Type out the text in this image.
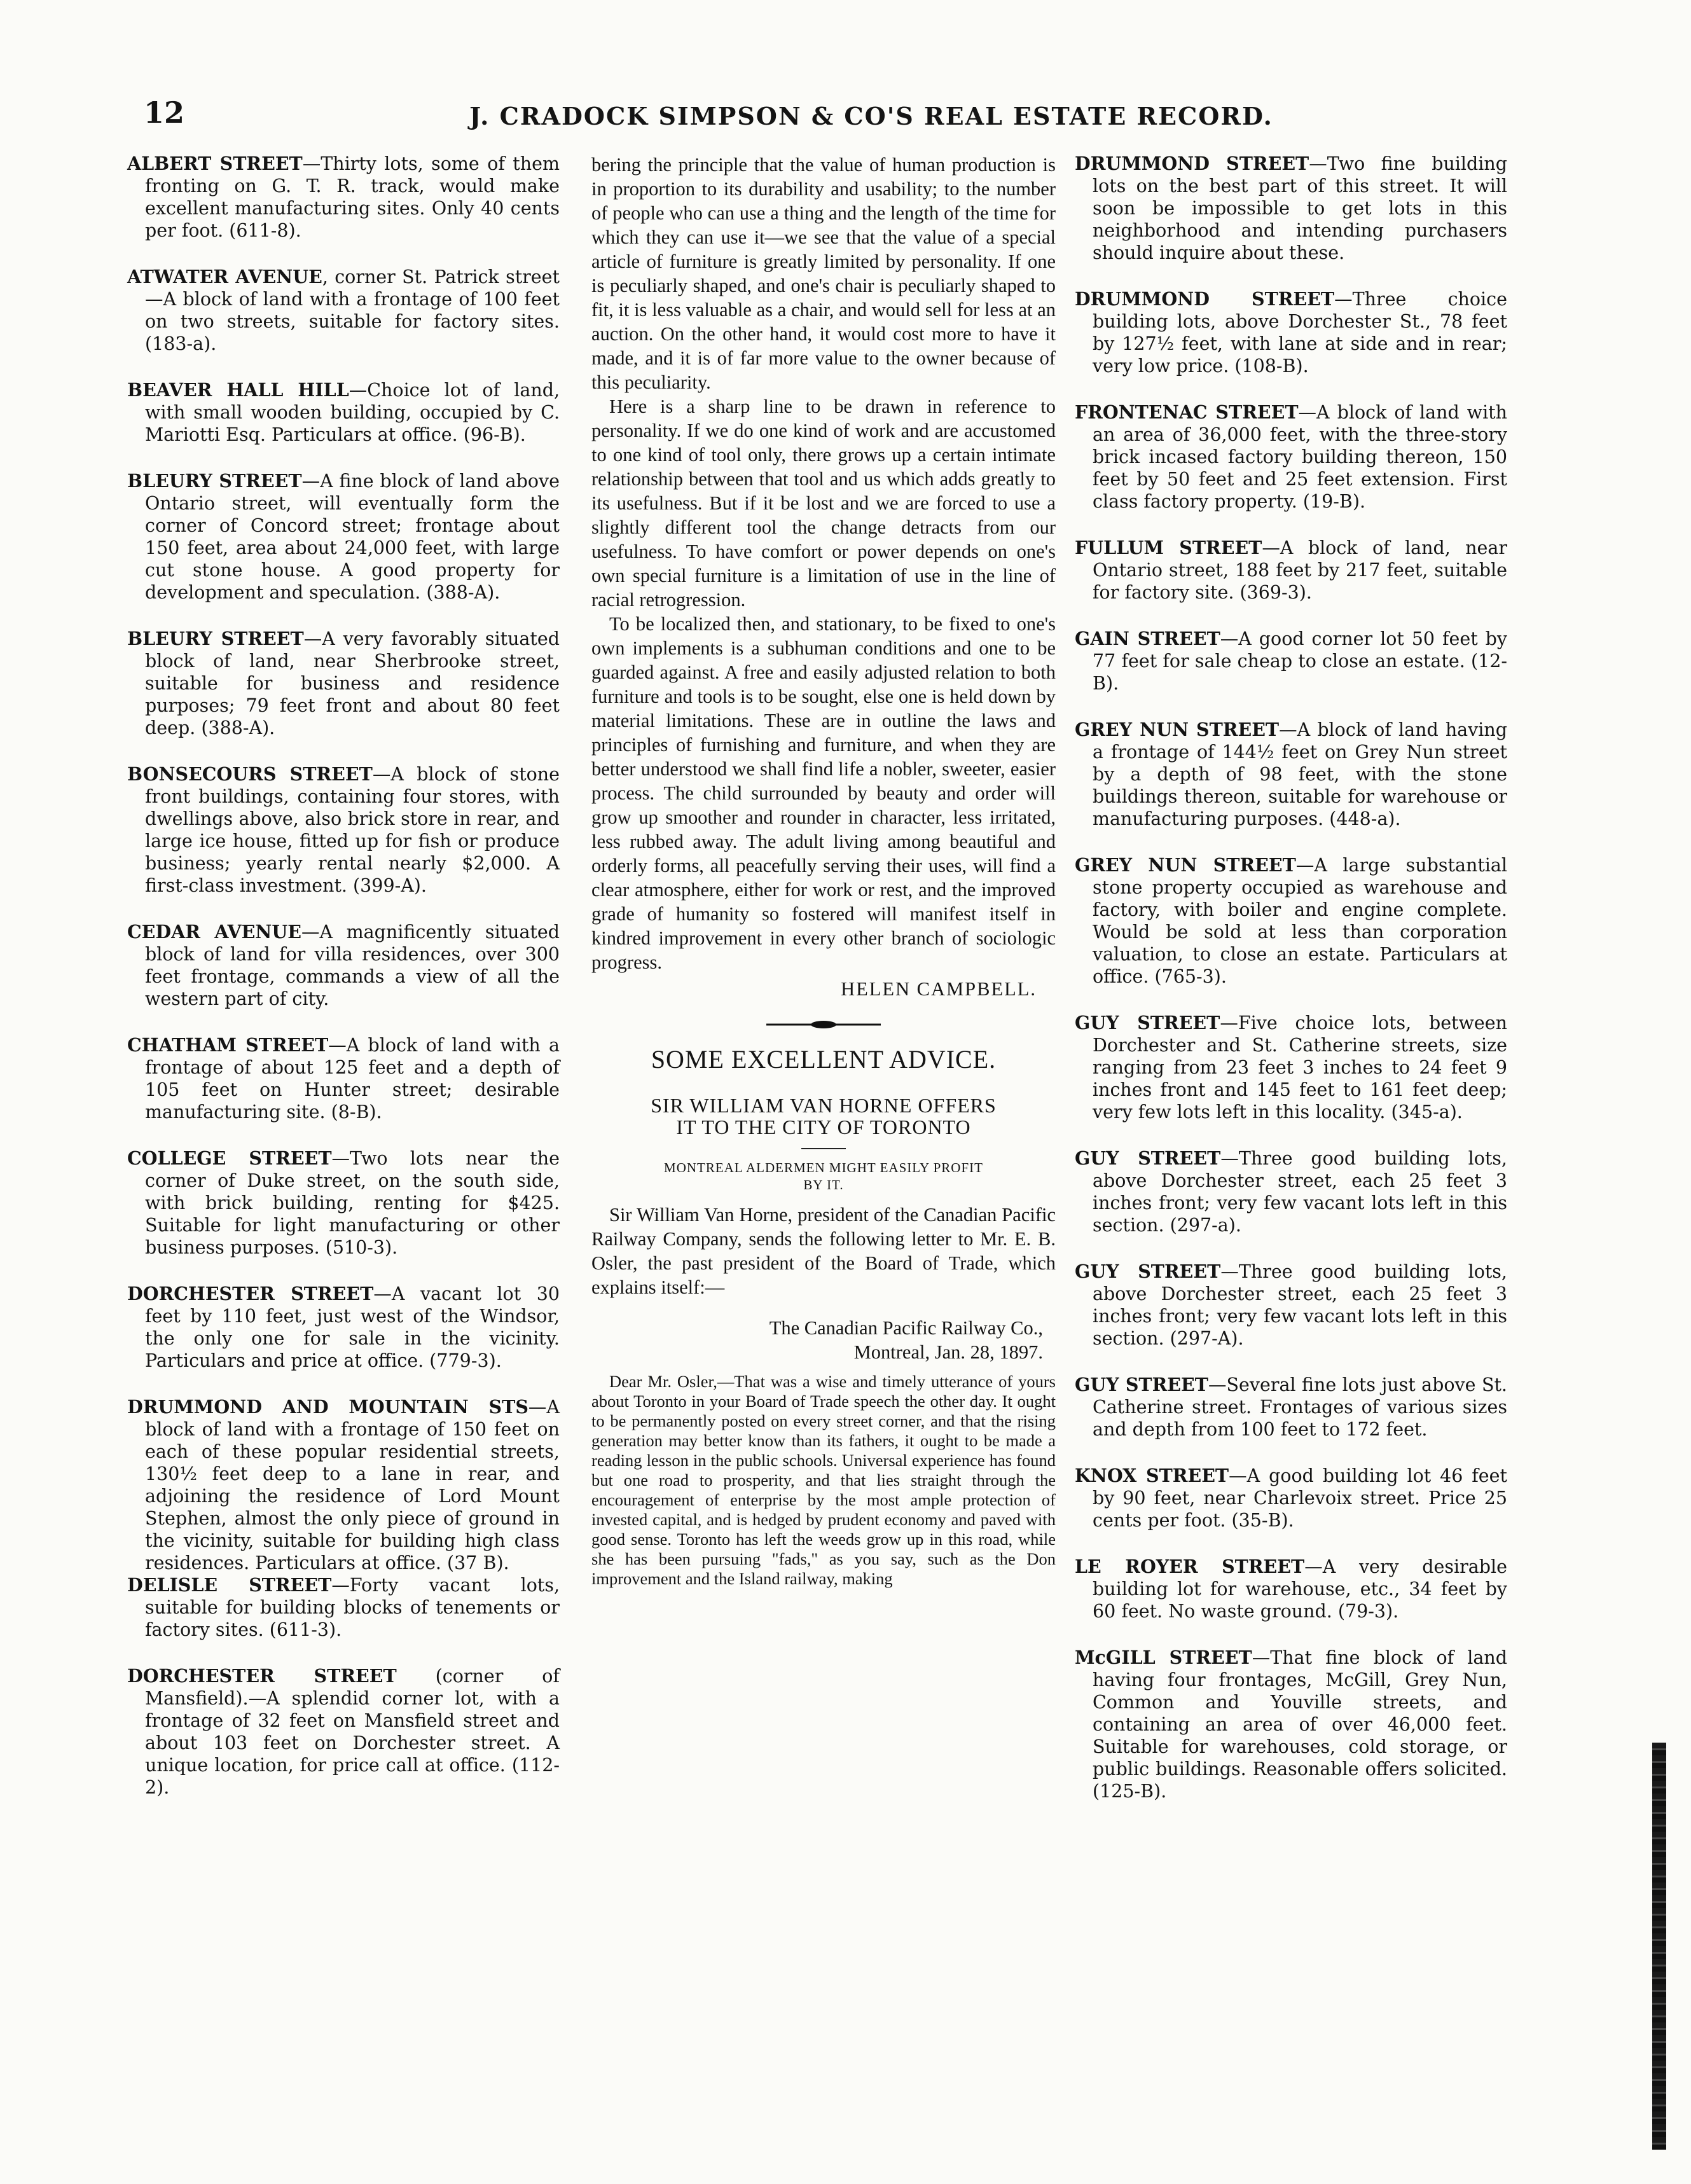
12	J. CRADOCK SIMPSON & CO'S REAL ESTATE RECORD.

ALBERT STREET—Thirty lots, some of them fronting on G. T. R. track, would make excellent manufacturing sites. Only 40 cents per foot. (611-8).

ATWATER AVENUE, corner St. Patrick street—A block of land with a frontage of 100 feet on two streets, suitable for factory sites. (183-a).

BEAVER HALL HILL—Choice lot of land, with small wooden building, occupied by C. Mariotti Esq. Particulars at office. (96-B).

BLEURY STREET—A fine block of land above Ontario street, will eventually form the corner of Concord street; frontage about 150 feet, area about 24,000 feet, with large cut stone house. A good property for development and speculation. (388-A).

BLEURY STREET—A very favorably situated block of land, near Sherbrooke street, suitable for business and residence purposes; 79 feet front and about 80 feet deep. (388-A).

BONSECOURS STREET—A block of stone front buildings, containing four stores, with dwellings above, also brick store in rear, and large ice house, fitted up for fish or produce business; yearly rental nearly $2,000. A first-class investment. (399-A).

CEDAR AVENUE—A magnificently situated block of land for villa residences, over 300 feet frontage, commands a view of all the western part of city.

CHATHAM STREET—A block of land with a frontage of about 125 feet and a depth of 105 feet on Hunter street; desirable manufacturing site. (8-B).

COLLEGE STREET—Two lots near the corner of Duke street, on the south side, with brick building, renting for $425. Suitable for light manufacturing or other business purposes. (510-3).

DORCHESTER STREET—A vacant lot 30 feet by 110 feet, just west of the Windsor, the only one for sale in the vicinity. Particulars and price at office. (779-3).

DRUMMOND AND MOUNTAIN STS—A block of land with a frontage of 150 feet on each of these popular residential streets, 130½ feet deep to a lane in rear, and adjoining the residence of Lord Mount Stephen, almost the only piece of ground in the vicinity, suitable for building high class residences. Particulars at office. (37 B).

DELISLE STREET—Forty vacant lots, suitable for building blocks of tenements or factory sites. (611-3).

DORCHESTER STREET (corner of Mansfield).—A splendid corner lot, with a frontage of 32 feet on Mansfield street and about 103 feet on Dorchester street. A unique location, for price call at office. (112-2).

bering the principle that the value of human production is in proportion to its durability and usability; to the number of people who can use a thing and the length of the time for which they can use it—we see that the value of a special article of furniture is greatly limited by personality. If one is peculiarly shaped, and one's chair is peculiarly shaped to fit, it is less valuable as a chair, and would sell for less at an auction. On the other hand, it would cost more to have it made, and it is of far more value to the owner because of this peculiarity.

Here is a sharp line to be drawn in reference to personality. If we do one kind of work and are accustomed to one kind of tool only, there grows up a certain intimate relationship between that tool and us which adds greatly to its usefulness. But if it be lost and we are forced to use a slightly different tool the change detracts from our usefulness. To have comfort or power depends on one's own special furniture is a limitation of use in the line of racial retrogression.

To be localized then, and stationary, to be fixed to one's own implements is a subhuman conditions and one to be guarded against. A free and easily adjusted relation to both furniture and tools is to be sought, else one is held down by material limitations. These are in outline the laws and principles of furnishing and furniture, and when they are better understood we shall find life a nobler, sweeter, easier process. The child surrounded by beauty and order will grow up smoother and rounder in character, less irritated, less rubbed away. The adult living among beautiful and orderly forms, all peacefully serving their uses, will find a clear atmosphere, either for work or rest, and the improved grade of humanity so fostered will manifest itself in kindred improvement in every other branch of sociologic progress.

HELEN CAMPBELL.

SOME EXCELLENT ADVICE.
SIR WILLIAM VAN HORNE OFFERS
IT TO THE CITY OF TORONTO
MONTREAL ALDERMEN MIGHT EASILY PROFIT
BY IT.

Sir William Van Horne, president of the Canadian Pacific Railway Company, sends the following letter to Mr. E. B. Osler, the past president of the Board of Trade, which explains itself:—

The Canadian Pacific Railway Co.,

Montreal, Jan. 28, 1897.

Dear Mr. Osler,—That was a wise and timely utterance of yours about Toronto in your Board of Trade speech the other day. It ought to be permanently posted on every street corner, and that the rising generation may better know than its fathers, it ought to be made a reading lesson in the public schools. Universal experience has found but one road to prosperity, and that lies straight through the encouragement of enterprise by the most ample protection of invested capital, and is hedged by prudent economy and paved with good sense. Toronto has left the weeds grow up in this road, while she has been pursuing "fads," as you say, such as the Don improvement and the Island railway, making

DRUMMOND STREET—Two fine building lots on the best part of this street. It will soon be impossible to get lots in this neighborhood and intending purchasers should inquire about these.

DRUMMOND STREET—Three choice building lots, above Dorchester St., 78 feet by 127½ feet, with lane at side and in rear; very low price. (108-B).

FRONTENAC STREET—A block of land with an area of 36,000 feet, with the three-story brick incased factory building thereon, 150 feet by 50 feet and 25 feet extension. First class factory property. (19-B).

FULLUM STREET—A block of land, near Ontario street, 188 feet by 217 feet, suitable for factory site. (369-3).

GAIN STREET—A good corner lot 50 feet by 77 feet for sale cheap to close an estate. (12-B).

GREY NUN STREET—A block of land having a frontage of 144½ feet on Grey Nun street by a depth of 98 feet, with the stone buildings thereon, suitable for warehouse or manufacturing purposes. (448-a).

GREY NUN STREET—A large substantial stone property occupied as warehouse and factory, with boiler and engine complete. Would be sold at less than corporation valuation, to close an estate. Particulars at office. (765-3).

GUY STREET—Five choice lots, between Dorchester and St. Catherine streets, size ranging from 23 feet 3 inches to 24 feet 9 inches front and 145 feet to 161 feet deep; very few lots left in this locality. (345-a).

GUY STREET—Three good building lots, above Dorchester street, each 25 feet 3 inches front; very few vacant lots left in this section. (297-a).

GUY STREET—Three good building lots, above Dorchester street, each 25 feet 3 inches front; very few vacant lots left in this section. (297-A).

GUY STREET—Several fine lots just above St. Catherine street. Frontages of various sizes and depth from 100 feet to 172 feet.

KNOX STREET—A good building lot 46 feet by 90 feet, near Charlevoix street. Price 25 cents per foot. (35-B).

LE ROYER STREET—A very desirable building lot for warehouse, etc., 34 feet by 60 feet. No waste ground. (79-3).

McGILL STREET—That fine block of land having four frontages, McGill, Grey Nun, Common and Youville streets, and containing an area of over 46,000 feet. Suitable for warehouses, cold storage, or public buildings. Reasonable offers solicited. (125-B).
